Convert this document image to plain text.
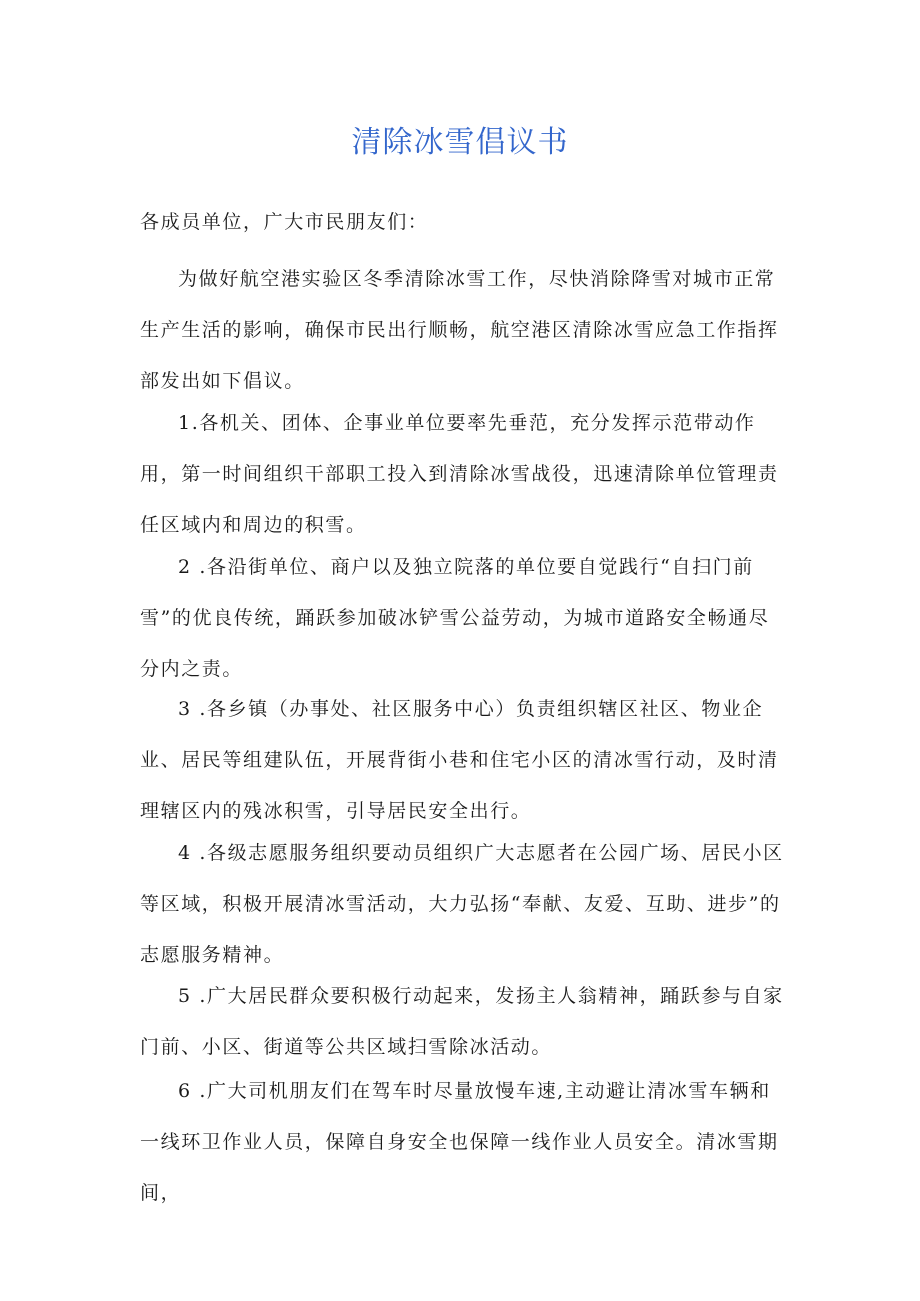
清除冰雪倡议书
各成员单位，广大市民朋友们：
为做好航空港实验区冬季清除冰雪工作，尽快消除降雪对城市正常生产生活的影响，确保市民出行顺畅，航空港区清除冰雪应急工作指挥部发出如下倡议。
1.各机关、团体、企事业单位要率先垂范，充分发挥示范带动作用，第一时间组织干部职工投入到清除冰雪战役，迅速清除单位管理责任区域内和周边的积雪。
2 .各沿街单位、商户以及独立院落的单位要自觉践行“自扫门前雪”的优良传统，踊跃参加破冰铲雪公益劳动，为城市道路安全畅通尽分内之责。
3 .各乡镇（办事处、社区服务中心）负责组织辖区社区、物业企业、居民等组建队伍，开展背街小巷和住宅小区的清冰雪行动，及时清理辖区内的残冰积雪，引导居民安全出行。
4 .各级志愿服务组织要动员组织广大志愿者在公园广场、居民小区等区域，积极开展清冰雪活动，大力弘扬“奉献、友爱、互助、进步”的志愿服务精神。
5 .广大居民群众要积极行动起来，发扬主人翁精神，踊跃参与自家门前、小区、街道等公共区域扫雪除冰活动。
6 .广大司机朋友们在驾车时尽量放慢车速,主动避让清冰雪车辆和一线环卫作业人员，保障自身安全也保障一线作业人员安全。清冰雪期间，
